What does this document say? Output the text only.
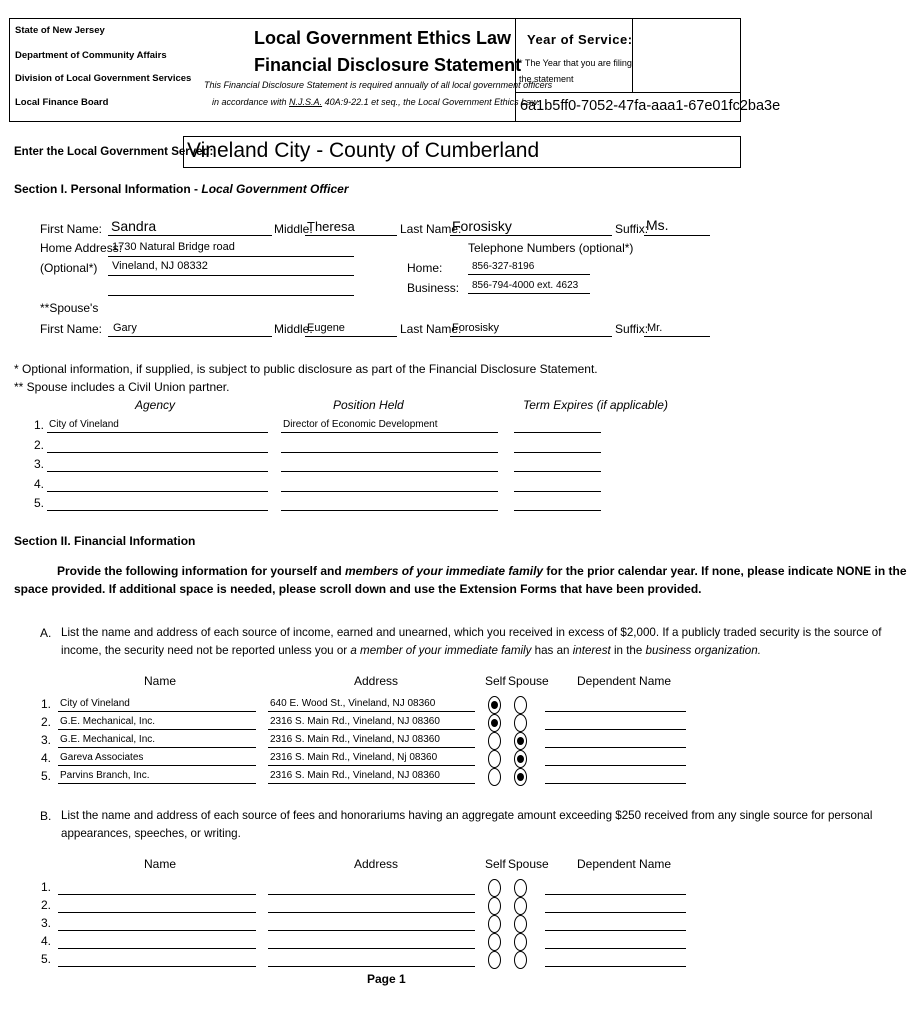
State of New Jersey
Department of Community Affairs
Division of Local Government Services
Local Finance Board
Local Government Ethics Law
Financial Disclosure Statement
This Financial Disclosure Statement is required annually of all local government officers
in accordance with N.J.S.A. 40A:9-22.1 et seq., the Local Government Ethics Law.
Year of Service:
* The Year that you are filing
the statement
6a1b5ff0-7052-47fa-aaa1-67e01fc2ba3e
Enter the Local Government Served:
Vineland City - County of Cumberland
Section I. Personal Information - Local Government Officer
First Name: Sandra	Middle:
Theresa	Last Name:
Forosisky	Suffix:
Ms.
Home Address:
(Optional*)
1730 Natural Bridge road
Vineland, NJ 08332
Telephone Numbers (optional*)
Home:	856-327-8196
Business: 856-794-4000 ext. 4623
**Spouse's
First Name: Gary	Middle:
Eugene	Last Name:
Forosisky	Suffix:
Mr.
* Optional information, if supplied, is subject to public disclosure as part of the Financial Disclosure Statement.
** Spouse includes a Civil Union partner.
Agency	Position Held	Term Expires (if applicable)
1. City of Vineland	Director of Economic Development
2.
3.
4.
5.
Section II. Financial Information
Provide the following information for yourself and members of your immediate family for the prior calendar year. If none, please indicate NONE in the
space provided. If additional space is needed, please scroll down and use the Extension Forms that have been provided.
A. List the name and address of each source of income, earned and unearned, which you received in excess of $2,000. If a publicly traded security is the source of
income, the security need not be reported unless you or a member of your immediate family has an interest in the business organization.
Name	Address	Self Spouse Dependent Name
1. City of Vineland	640 E. Wood St., Vineland, NJ 08360
2. G.E. Mechanical, Inc.	2316 S. Main Rd., Vineland, NJ 08360
3. G.E. Mechanical, Inc.	2316 S. Main Rd., Vineland, NJ 08360
4. Gareva Associates	2316 S. Main Rd., Vineland, Nj 08360
5. Parvins Branch, Inc.	2316 S. Main Rd., Vineland, NJ 08360
B. List the name and address of each source of fees and honorariums having an aggregate amount exceeding $250 received from any single source for personal
appearances, speeches, or writing.
Name	Address	Self Spouse Dependent Name
1.
2.
3.
4.
5.
Page 1
